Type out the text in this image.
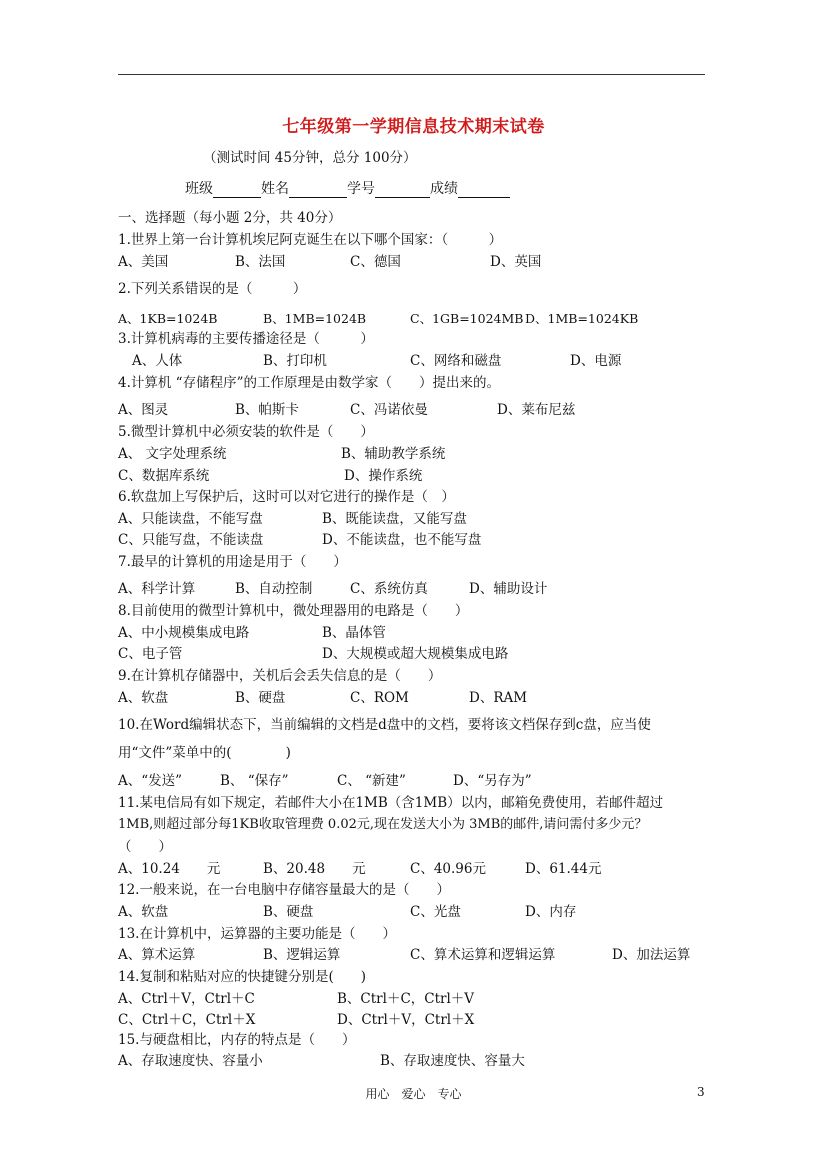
七年级第一学期信息技术期末试卷
（测试时间 45分钟，总分 100分）
班级	姓名	学号	成绩
一、选择题（每小题 2分，共 40分）
1.世界上第一台计算机埃尼阿克诞生在以下哪个国家：（　　　）
A、美国	B、法国	C、德国	D、英国
2.下列关系错误的是（　　　）
A、1KB=1024B	B、1MB=1024B	C、1GB=1024MB D、1MB=1024KB
3.计算机病毒的主要传播途径是（　　　）
A、人体	B、打印机	C、网络和磁盘	D、电源
4.计算机 “存储程序”的工作原理是由数学家（　　）提出来的。
A、图灵	B、帕斯卡	C、冯诺依曼	D、莱布尼兹
5.微型计算机中必须安装的软件是（　　）
A、 文字处理系统	B、辅助教学系统
C、数据库系统	D、操作系统
6.软盘加上写保护后，这时可以对它进行的操作是（　）
A、只能读盘，不能写盘	B、既能读盘，又能写盘
C、只能写盘，不能读盘	D、不能读盘，也不能写盘
7.最早的计算机的用途是用于（　　）
A、科学计算	B、自动控制	C、系统仿真	D、辅助设计
8.目前使用的微型计算机中，微处理器用的电路是（　　）
A、中小规模集成电路	B、晶体管
C、电子管	D、大规模或超大规模集成电路
9.在计算机存储器中，关机后会丢失信息的是（　　）
A、软盘	B、硬盘	C、ROM	D、RAM
10.在Word编辑状态下，当前编辑的文档是d盘中的文档，要将该文档保存到c盘，应当使
用“文件”菜单中的(　　　　)
A、“发送”	B、 “保存”	C、 “新建”	D、“另存为”
11.某电信局有如下规定，若邮件大小在1MB（含1MB）以内，邮箱免费使用，若邮件超过
1MB,则超过部分每1KB收取管理费 0.02元,现在发送大小为 3MB的邮件,请问需付多少元？
（　　）
A、10.24　　元	B、20.48　　元	C、40.96元	D、61.44元
12.一般来说，在一台电脑中存储容量最大的是（　　）
A、软盘	B、硬盘	C、光盘	D、内存
13.在计算机中，运算器的主要功能是（　　）
A、算术运算	B、逻辑运算	C、算术运算和逻辑运算	D、加法运算
14.复制和粘贴对应的快捷键分别是(　　)
A、Ctrl＋V，Ctrl＋C	B、Ctrl＋C，Ctrl＋V
C、Ctrl＋C，Ctrl＋X	D、Ctrl＋V，Ctrl＋X
15.与硬盘相比，内存的特点是（　　）
A、存取速度快、容量小	B、存取速度快、容量大
用心　爱心　专心	3
